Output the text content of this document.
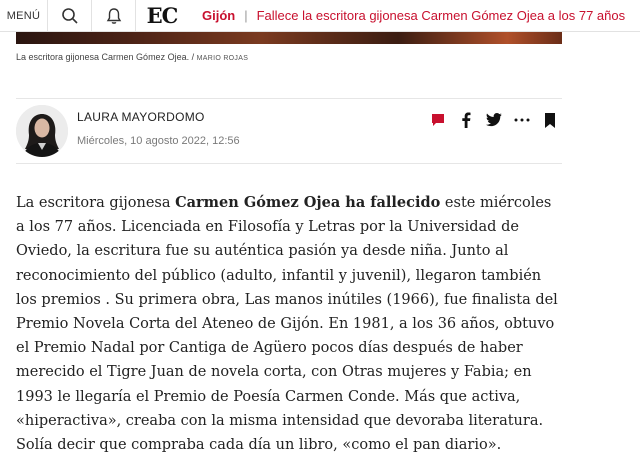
MENÚ	EC	Gijón | Fallece la escritora gijonesa Carmen Gómez Ojea a los 77 años
La escritora gijonesa Carmen Gómez Ojea. / MARIO ROJAS
LAURA MAYORDOMO
Miércoles, 10 agosto 2022, 12:56

La escritora gijonesa Carmen Gómez Ojea ha fallecido este miércoles a los 77 años. Licenciada en Filosofía y Letras por la Universidad de Oviedo, la escritura fue su auténtica pasión ya desde niña. Junto al reconocimiento del público (adulto, infantil y juvenil), llegaron también los premios . Su primera obra, Las manos inútiles (1966), fue finalista del Premio Novela Corta del Ateneo de Gijón. En 1981, a los 36 años, obtuvo el Premio Nadal por Cantiga de Agüero pocos días después de haber merecido el Tigre Juan de novela corta, con Otras mujeres y Fabia; en 1993 le llegaría el Premio de Poesía Carmen Conde. Más que activa, «hiperactiva», creaba con la misma intensidad que devoraba literatura. Solía decir que compraba cada día un libro, «como el pan diario».
